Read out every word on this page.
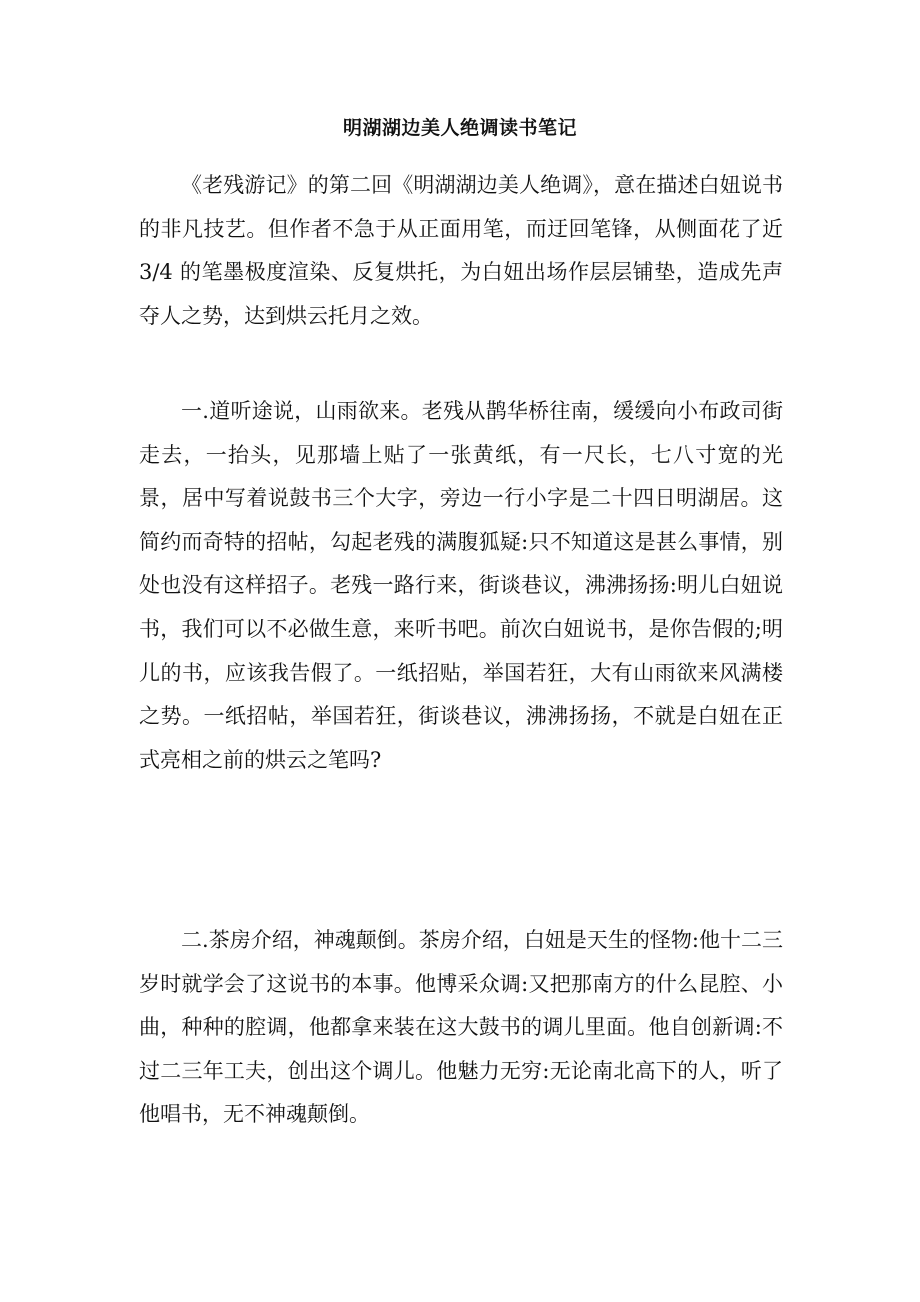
明湖湖边美人绝调读书笔记

《老残游记》的第二回《明湖湖边美人绝调》，意在描述白妞说书的非凡技艺。但作者不急于从正面用笔，而迂回笔锋，从侧面花了近 3/4 的笔墨极度渲染、反复烘托，为白妞出场作层层铺垫，造成先声夺人之势，达到烘云托月之效。

一.道听途说，山雨欲来。老残从鹊华桥往南，缓缓向小布政司街走去，一抬头，见那墙上贴了一张黄纸，有一尺长，七八寸宽的光景，居中写着说鼓书三个大字，旁边一行小字是二十四日明湖居。这简约而奇特的招帖，勾起老残的满腹狐疑:只不知道这是甚么事情，别处也没有这样招子。老残一路行来，街谈巷议，沸沸扬扬:明儿白妞说书，我们可以不必做生意，来听书吧。前次白妞说书，是你告假的;明儿的书，应该我告假了。一纸招贴，举国若狂，大有山雨欲来风满楼之势。一纸招帖，举国若狂，街谈巷议，沸沸扬扬，不就是白妞在正式亮相之前的烘云之笔吗?

二.茶房介绍，神魂颠倒。茶房介绍，白妞是天生的怪物:他十二三岁时就学会了这说书的本事。他博采众调:又把那南方的什么昆腔、小曲，种种的腔调，他都拿来装在这大鼓书的调儿里面。他自创新调:不过二三年工夫，创出这个调儿。他魅力无穷:无论南北高下的人，听了他唱书，无不神魂颠倒。
